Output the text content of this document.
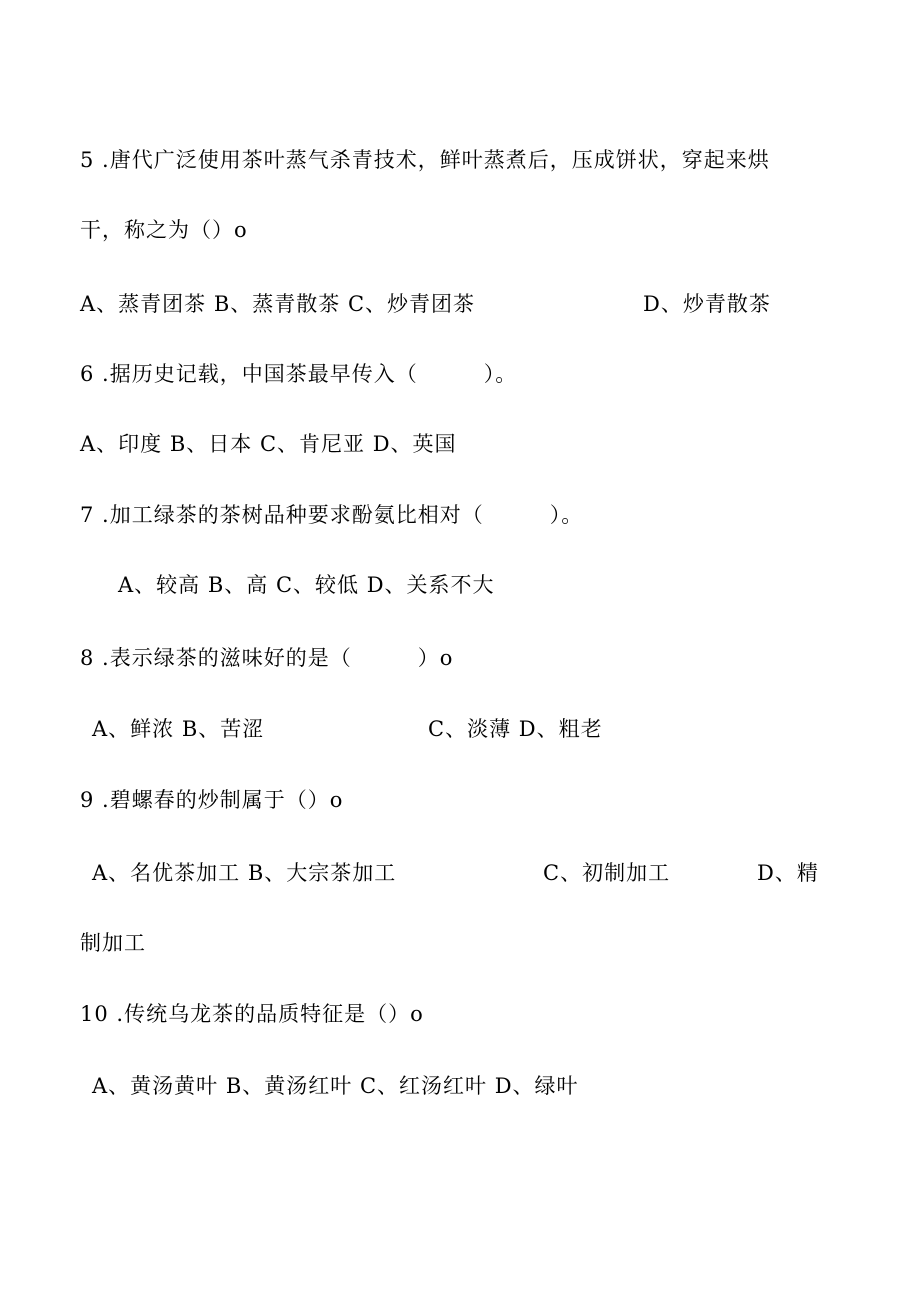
5 .唐代广泛使用茶叶蒸气杀青技术，鲜叶蒸煮后，压成饼状，穿起来烘
干，称之为（）o
A、蒸青团茶 B、蒸青散茶 C、炒青团茶	D、炒青散茶
6 .据历史记载，中国茶最早传入（　　　）。
A、印度 B、日本 C、肯尼亚 D、英国
7 .加工绿茶的茶树品种要求酚氨比相对（　　　）。
A、较高 B、高 C、较低 D、关系不大
8 .表示绿茶的滋味好的是（　　　）o
A、鲜浓 B、苦涩	C、淡薄 D、粗老
9 .碧螺春的炒制属于（）o
A、名优茶加工 B、大宗茶加工	C、初制加工	D、精
制加工
10 .传统乌龙茶的品质特征是（）o
A、黄汤黄叶 B、黄汤红叶 C、红汤红叶 D、绿叶
